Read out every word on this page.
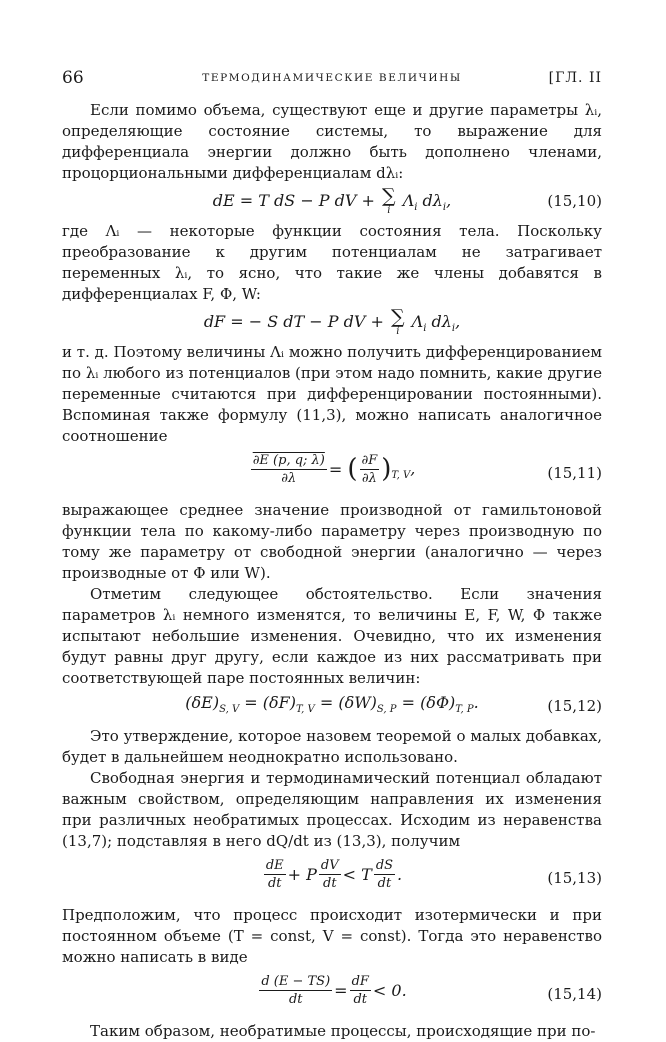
66	ТЕРМОДИНАМИЧЕСКИЕ ВЕЛИЧИНЫ	[ГЛ. II

Если помимо объема, существуют еще и другие параметры λᵢ, определяющие состояние системы, то выражение для дифференциала энергии должно быть дополнено членами, процорциональными дифференциалам dλᵢ:

dE = T dS − P dV + ∑
i
$\Lambda_i$ $d\lambda_i$,	(15,10)

где Λᵢ — некоторые функции состояния тела. Поскольку преобразование к другим потенциалам не затрагивает переменных λᵢ, то ясно, что такие же члены добавятся в дифференциалах F, Φ, W:

dF = − S dT − P dV + ∑
i
$\Lambda_i$ $d\lambda_i$,

и т. д. Поэтому величины Λᵢ можно получить дифференцированием по λᵢ любого из потенциалов (при этом надо помнить, какие другие переменные считаются при дифференцировании постоянными). Вспоминая также формулу (11,3), можно написать аналогичное соотношение

$\frac{\partial E (p, q; \lambda)}{\partial\lambda}$ = ( $\frac{\partial F}{\partial\lambda} )_{T, V}$,	(15,11)

выражающее среднее значение производной от гамильтоновой функции тела по какому-либо параметру через производную по тому же параметру от свободной энергии (аналогично — через производные от Φ или W).

Отметим следующее обстоятельство. Если значения параметров λᵢ немного изменятся, то величины E, F, W, Φ также испытают небольшие изменения. Очевидно, что их изменения будут равны друг другу, если каждое из них рассматривать при соответствующей паре постоянных величин:

$(\delta E)_{S, V} = (\delta F)_{T, V} = (\delta W)_{S, P} = (\delta\Phi)_{T, P}$.	(15,12)

Это утверждение, которое назовем теоремой о малых добавках, будет в дальнейшем неоднократно использовано.

Свободная энергия и термодинамический потенциал обладают важным свойством, определяющим направления их изменения при различных необратимых процессах. Исходим из неравенства (13,7); подставляя в него dQ/dt из (13,3), получим

$\frac{dE}{dt} + P \frac{dV}{dt} < T \frac{dS}{dt}$ .	(15,13)

Предположим, что процесс происходит изотермически и при постоянном объеме (T = const, V = const). Тогда это неравенство можно написать в виде

$\frac{d (E - TS)}{dt} = \frac{dF}{dt} < 0$.	(15,14)

Таким образом, необратимые процессы, происходящие при по-
